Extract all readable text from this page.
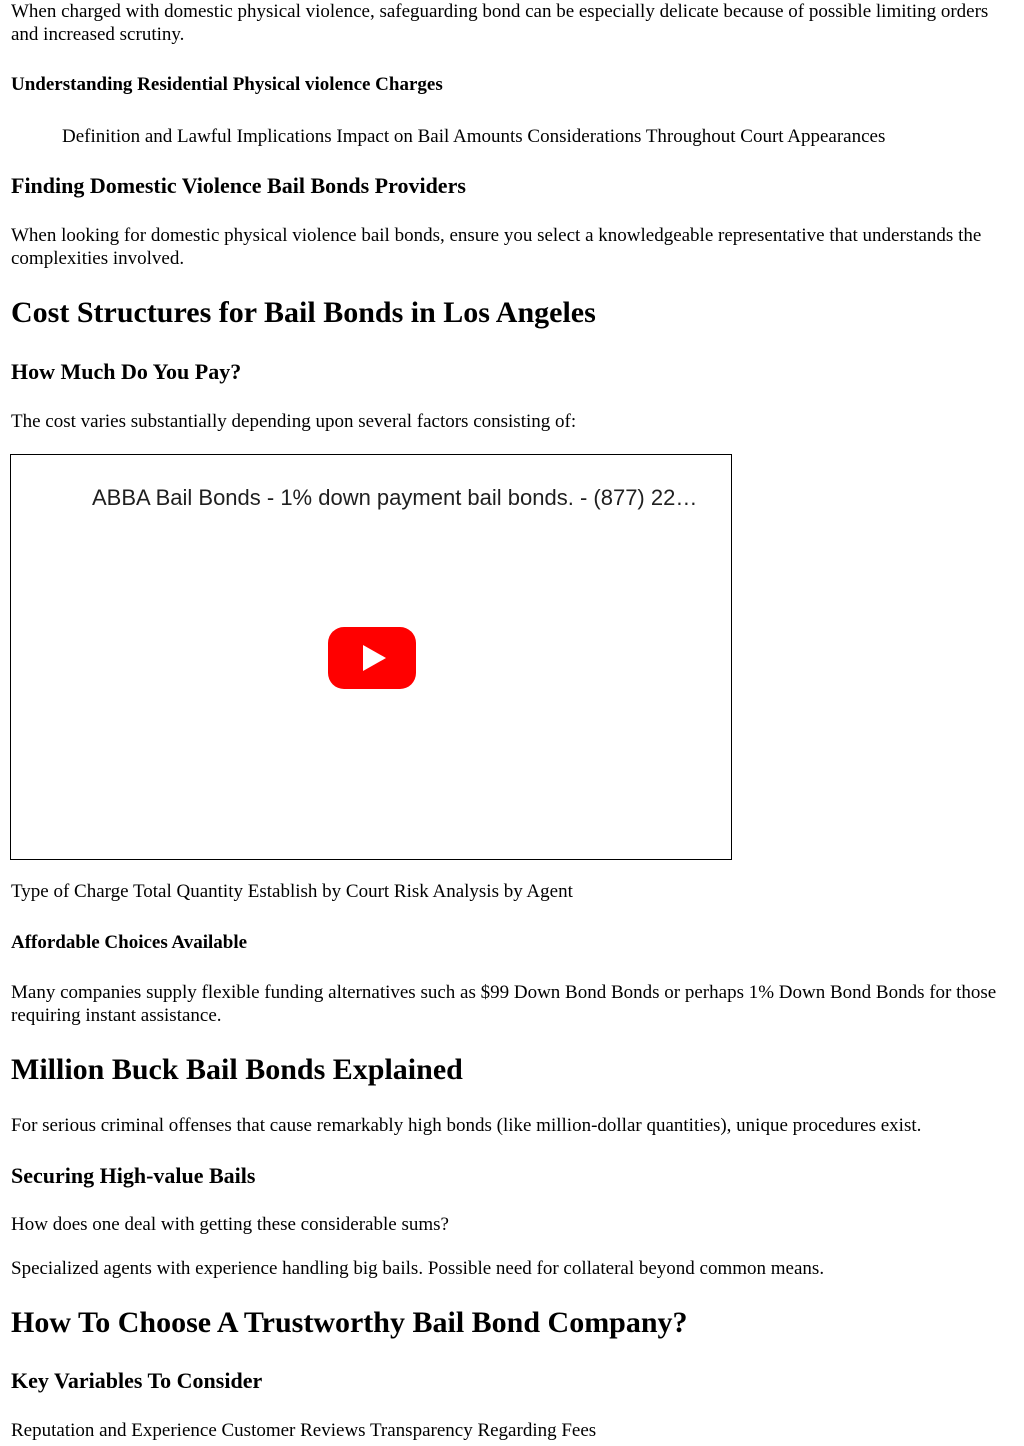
When charged with domestic physical violence, safeguarding bond can be especially delicate because of possible limiting orders and increased scrutiny.

Understanding Residential Physical violence Charges

Definition and Lawful Implications Impact on Bail Amounts Considerations Throughout Court Appearances

Finding Domestic Violence Bail Bonds Providers

When looking for domestic physical violence bail bonds, ensure you select a knowledgeable representative that understands the complexities involved.

Cost Structures for Bail Bonds in Los Angeles
How Much Do You Pay?

The cost varies substantially depending upon several factors consisting of:

ABBA Bail Bonds - 1% down payment bail bonds. - (877) 22…

Type of Charge Total Quantity Establish by Court Risk Analysis by Agent

Affordable Choices Available

Many companies supply flexible funding alternatives such as $99 Down Bond Bonds or perhaps 1% Down Bond Bonds for those requiring instant assistance.

Million Buck Bail Bonds Explained

For serious criminal offenses that cause remarkably high bonds (like million-dollar quantities), unique procedures exist.

Securing High-value Bails

How does one deal with getting these considerable sums?

Specialized agents with experience handling big bails. Possible need for collateral beyond common means.

How To Choose A Trustworthy Bail Bond Company?
Key Variables To Consider

Reputation and Experience Customer Reviews Transparency Regarding Fees
